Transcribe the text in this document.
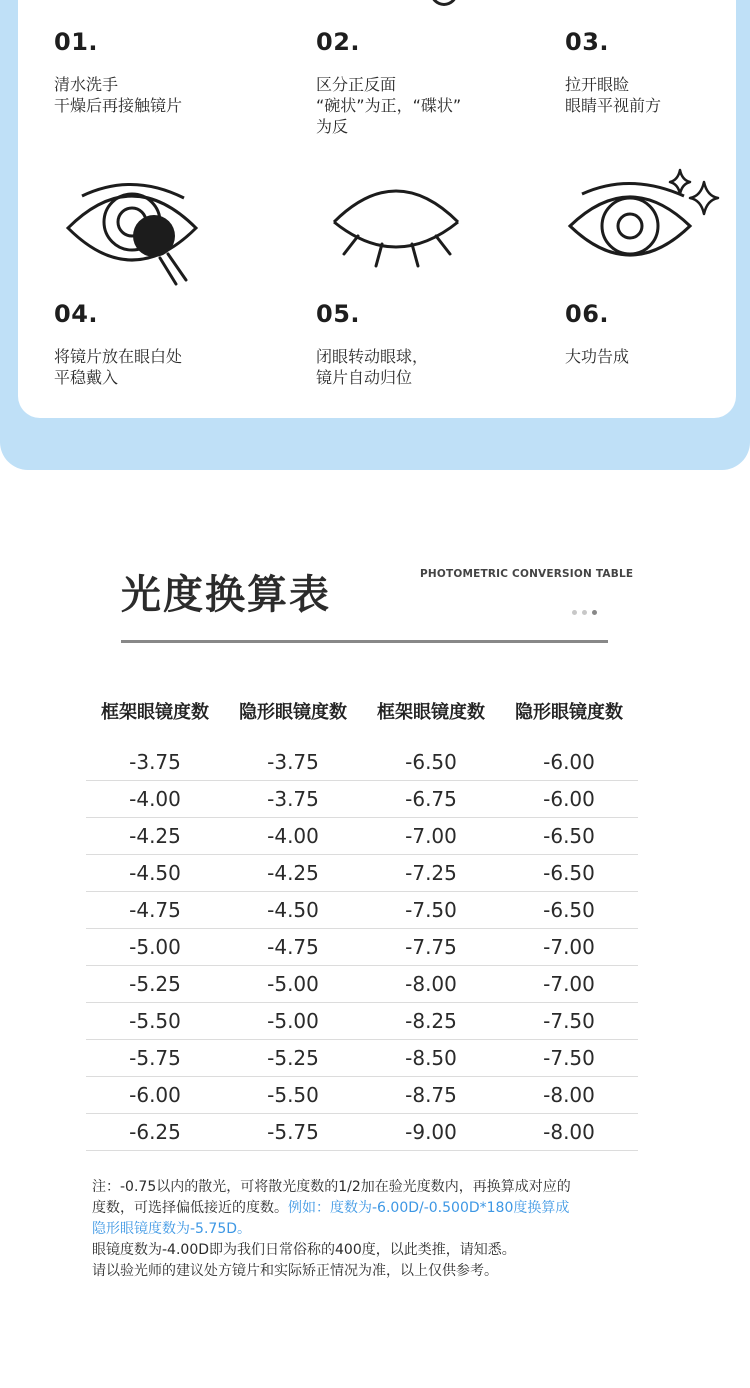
01.
清水洗手
干燥后再接触镜片
02.
区分正反面
“碗状”为正，“碟状”
为反
03.
拉开眼睑
眼睛平视前方
04.
将镜片放在眼白处
平稳戴入
05.
闭眼转动眼球，
镜片自动归位
06.
大功告成
光度换算表	PHOTOMETRIC CONVERSION TABLE
框架眼镜度数	隐形眼镜度数	框架眼镜度数	隐形眼镜度数
-3.75	-3.75	-6.50	-6.00
-4.00	-3.75	-6.75	-6.00
-4.25	-4.00	-7.00	-6.50
-4.50	-4.25	-7.25	-6.50
-4.75	-4.50	-7.50	-6.50
-5.00	-4.75	-7.75	-7.00
-5.25	-5.00	-8.00	-7.00
-5.50	-5.00	-8.25	-7.50
-5.75	-5.25	-8.50	-7.50
-6.00	-5.50	-8.75	-8.00
-6.25	-5.75	-9.00	-8.00
注：-0.75以内的散光，可将散光度数的1/2加在验光度数内，再换算成对应的
度数，可选择偏低接近的度数。例如：度数为-6.00D/-0.500D*180度换算成
隐形眼镜度数为-5.75D。
眼镜度数为-4.00D即为我们日常俗称的400度，以此类推，请知悉。
请以验光师的建议处方镜片和实际矫正情况为准，以上仅供参考。
